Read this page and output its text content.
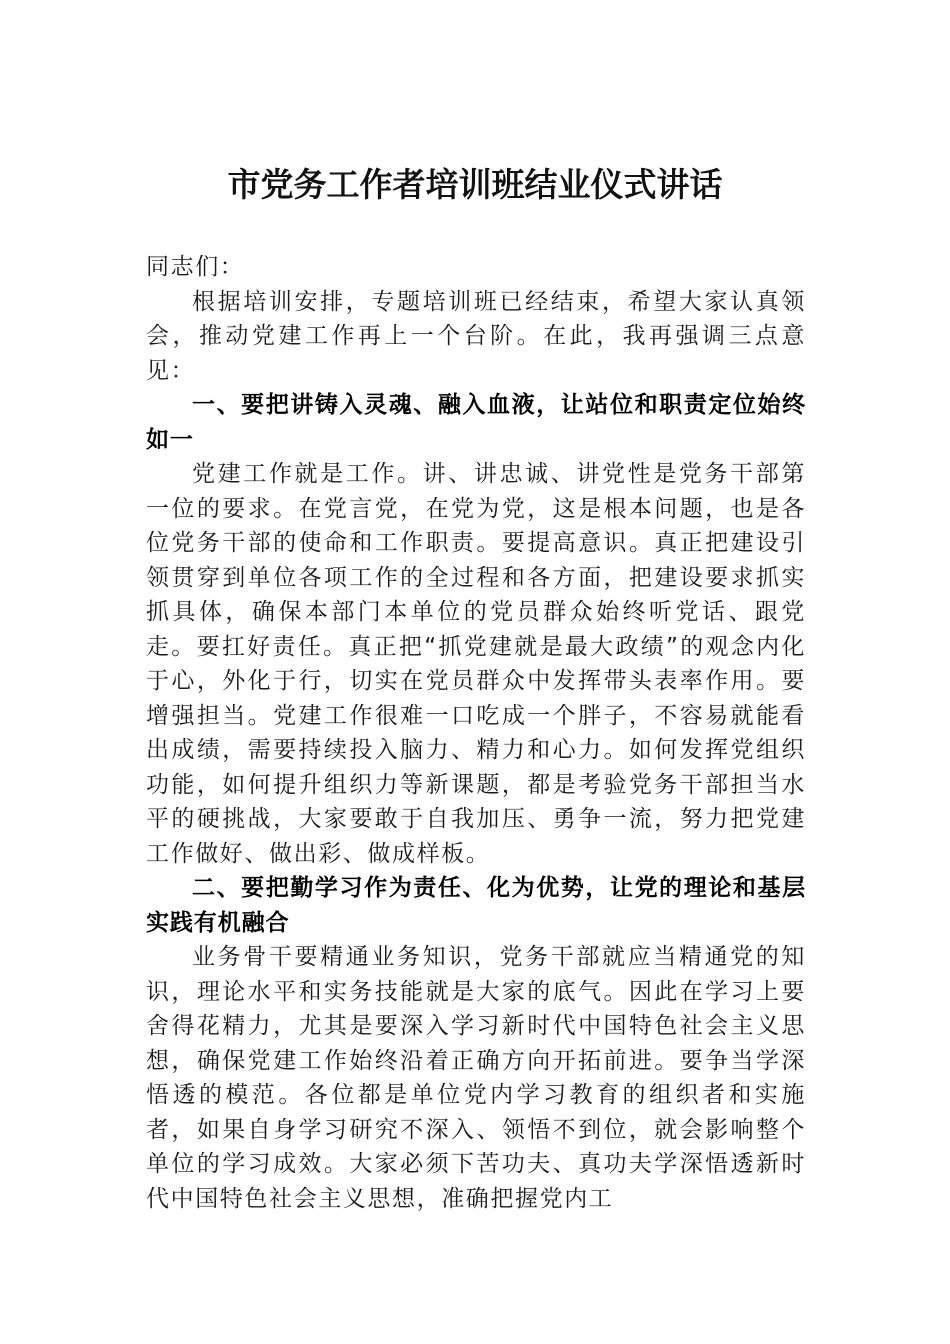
市党务工作者培训班结业仪式讲话

同志们：

根据培训安排，专题培训班已经结束，希望大家认真领会，推动党建工作再上一个台阶。在此，我再强调三点意见：

一、要把讲铸入灵魂、融入血液，让站位和职责定位始终如一

党建工作就是工作。讲、讲忠诚、讲党性是党务干部第一位的要求。在党言党，在党为党，这是根本问题，也是各位党务干部的使命和工作职责。要提高意识。真正把建设引领贯穿到单位各项工作的全过程和各方面，把建设要求抓实抓具体，确保本部门本单位的党员群众始终听党话、跟党走。要扛好责任。真正把“抓党建就是最大政绩”的观念内化于心，外化于行，切实在党员群众中发挥带头表率作用。要增强担当。党建工作很难一口吃成一个胖子，不容易就能看出成绩，需要持续投入脑力、精力和心力。如何发挥党组织功能，如何提升组织力等新课题，都是考验党务干部担当水平的硬挑战，大家要敢于自我加压、勇争一流，努力把党建工作做好、做出彩、做成样板。

二、要把勤学习作为责任、化为优势，让党的理论和基层实践有机融合

业务骨干要精通业务知识，党务干部就应当精通党的知识，理论水平和实务技能就是大家的底气。因此在学习上要舍得花精力，尤其是要深入学习新时代中国特色社会主义思想，确保党建工作始终沿着正确方向开拓前进。要争当学深悟透的模范。各位都是单位党内学习教育的组织者和实施者，如果自身学习研究不深入、领悟不到位，就会影响整个单位的学习成效。大家必须下苦功夫、真功夫学深悟透新时代中国特色社会主义思想，准确把握党内工
